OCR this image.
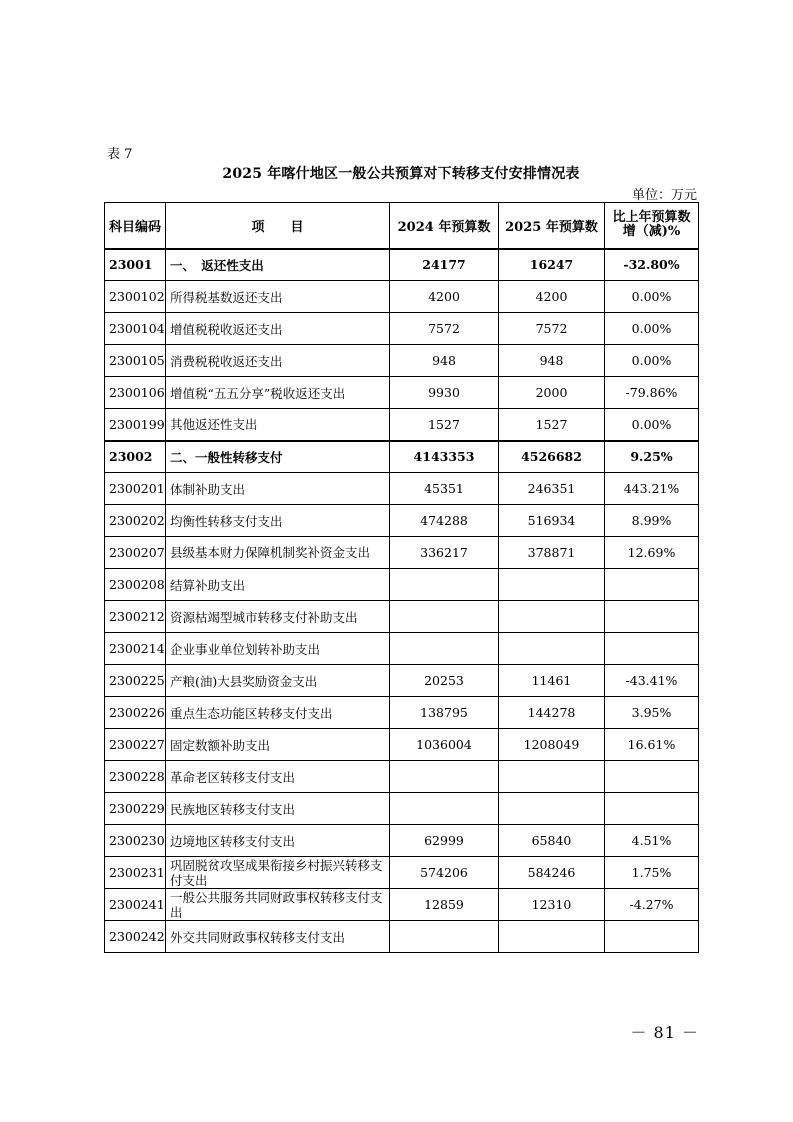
表 7
2025 年喀什地区一般公共预算对下转移支付安排情况表
单位：万元
科目编码	项　　目	2024 年预算数	2025 年预算数	比上年预算数增（减)%
23001	一、　返还性支出	24177	16247	-32.80%
2300102	所得税基数返还支出	4200	4200	0.00%
2300104	增值税税收返还支出	7572	7572	0.00%
2300105	消费税税收返还支出	948	948	0.00%
2300106	增值税“五五分享”税收返还支出	9930	2000	-79.86%
2300199	其他返还性支出	1527	1527	0.00%
23002	二、一般性转移支付	4143353	4526682	9.25%
2300201	体制补助支出	45351	246351	443.21%
2300202	均衡性转移支付支出	474288	516934	8.99%
2300207	县级基本财力保障机制奖补资金支出	336217	378871	12.69%
2300208	结算补助支出			
2300212	资源枯竭型城市转移支付补助支出			
2300214	企业事业单位划转补助支出			
2300225	产粮(油)大县奖励资金支出	20253	11461	-43.41%
2300226	重点生态功能区转移支付支出	138795	144278	3.95%
2300227	固定数额补助支出	1036004	1208049	16.61%
2300228	革命老区转移支付支出			
2300229	民族地区转移支付支出			
2300230	边境地区转移支付支出	62999	65840	4.51%
2300231	巩固脱贫攻坚成果衔接乡村振兴转移支付支出	574206	584246	1.75%
2300241	一般公共服务共同财政事权转移支付支出	12859	12310	-4.27%
2300242	外交共同财政事权转移支付支出			
－ 81 －
